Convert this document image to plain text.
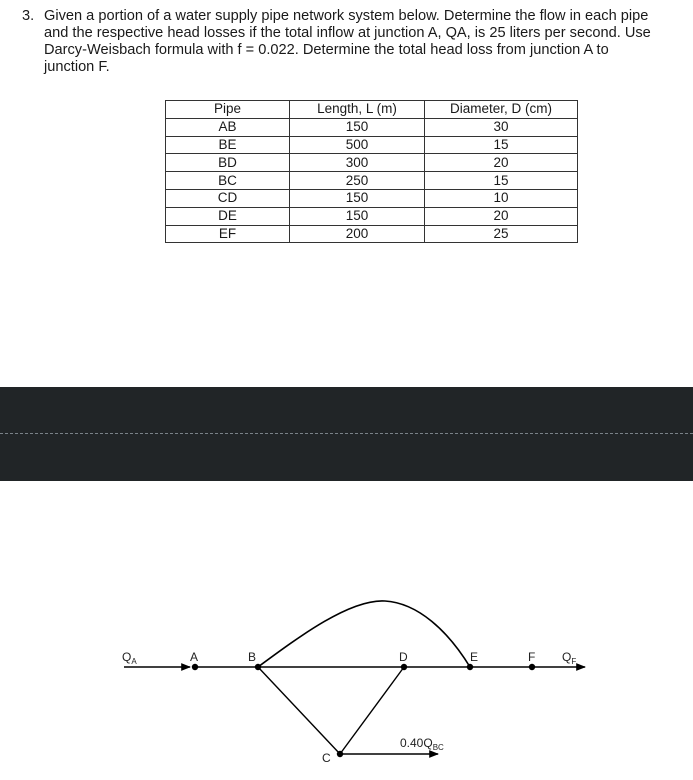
3. Given a portion of a water supply pipe network system below. Determine the flow in each pipe and the respective head losses if the total inflow at junction A, QA, is 25 liters per second. Use Darcy-Weisbach formula with f = 0.022. Determine the total head loss from junction A to junction F.
Pipe	Length, L (m)	Diameter, D (cm)
AB	150	30
BE	500	15
BD	300	20
BC	250	15
CD	150	10
DE	150	20
EF	200	25
A	B	D	E	F
C
$Q_A$	$Q_F$
$0.40Q_{BC}$
